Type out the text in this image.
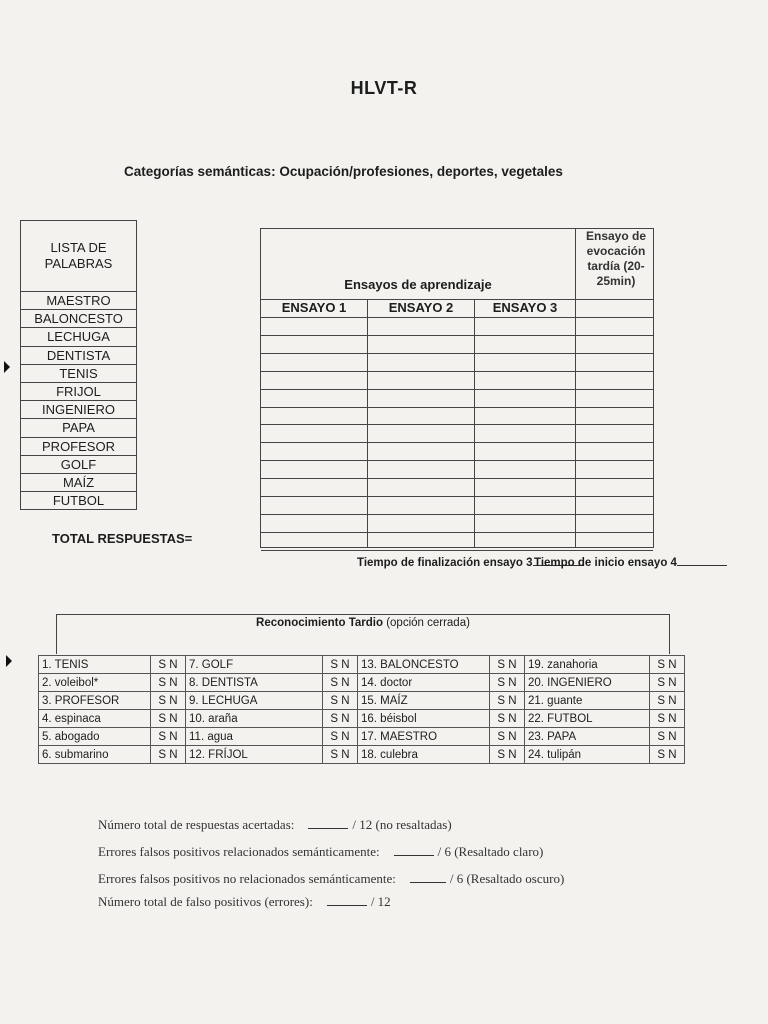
HLVT-R
Categorías semánticas: Ocupación/profesiones, deportes, vegetales
LISTA DE PALABRAS
MAESTRO
BALONCESTO
LECHUGA
DENTISTA
TENIS
FRIJOL
INGENIERO
PAPA
PROFESOR
GOLF
MAÍZ
FUTBOL
TOTAL RESPUESTAS=
Ensayos de aprendizaje
Ensayo de evocación tardía (20- 25min)
ENSAYO 1	ENSAYO 2	ENSAYO 3
Tiempo de finalización ensayo 3 Tiempo de inicio ensayo 4
Reconocimiento Tardio (opción cerrada)
1. TENIS	S N	7. GOLF	S N	13. BALONCESTO	S N	19. zanahoria	S N
2. voleibol*	S N	8. DENTISTA	S N	14. doctor	S N	20. INGENIERO	S N
3. PROFESOR	S N	9. LECHUGA	S N	15. MAÍZ	S N	21. guante	S N
4. espinaca	S N	10. araña	S N	16. béisbol	S N	22. FUTBOL	S N
5. abogado	S N	11. agua	S N	17. MAESTRO	S N	23. PAPA	S N
6. submarino	S N	12. FRÍJOL	S N	18. culebra	S N	24. tulipán	S N
Número total de respuestas acertadas:	/ 12 (no resaltadas)
Errores falsos positivos relacionados semánticamente:	/ 6 (Resaltado claro)
Errores falsos positivos no relacionados semánticamente:	/ 6 (Resaltado oscuro)
Número total de falso positivos (errores):	/ 12
